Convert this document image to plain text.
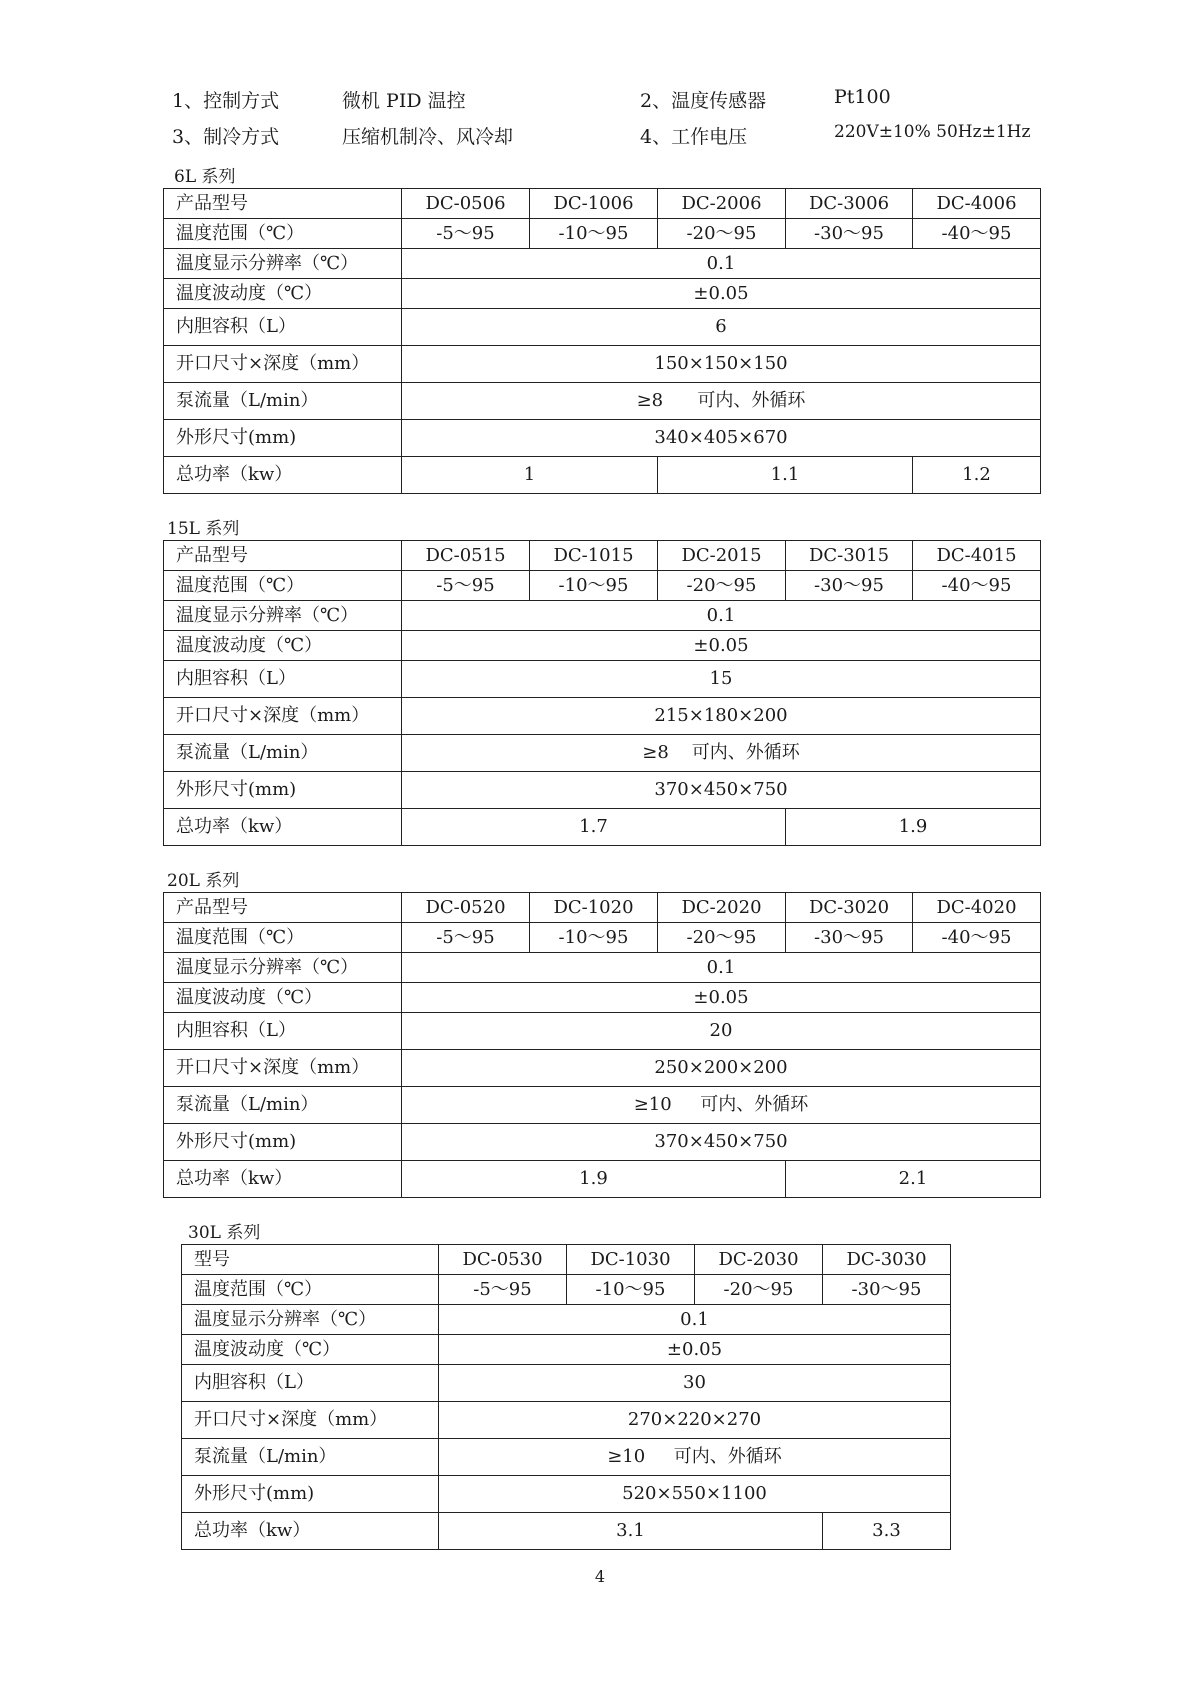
1、控制方式	微机 PID 温控	2、温度传感器	Pt100
3、制冷方式	压缩机制冷、风冷却	4、工作电压	220V±10% 50Hz±1Hz
6L 系列
产品型号	DC-0506	DC-1006	DC-2006	DC-3006	DC-4006
温度范围（℃）	-5～95	-10～95	-20～95	-30～95	-40～95
温度显示分辨率（℃）	0.1				
温度波动度（℃）	±0.05				
内胆容积（L）	6				
开口尺寸×深度（mm）	150×150×150				
泵流量（L/min）	≥8      可内、外循环				
外形尺寸(mm)	340×405×670				
总功率（kw）	1		1.1		1.2
15L 系列
产品型号	DC-0515	DC-1015	DC-2015	DC-3015	DC-4015
温度范围（℃）	-5～95	-10～95	-20～95	-30～95	-40～95
温度显示分辨率（℃）	0.1				
温度波动度（℃）	±0.05				
内胆容积（L）	15				
开口尺寸×深度（mm）	215×180×200				
泵流量（L/min）	≥8    可内、外循环				
外形尺寸(mm)	370×450×750				
总功率（kw）	1.7			1.9	
20L 系列
产品型号	DC-0520	DC-1020	DC-2020	DC-3020	DC-4020
温度范围（℃）	-5～95	-10～95	-20～95	-30～95	-40～95
温度显示分辨率（℃）	0.1				
温度波动度（℃）	±0.05				
内胆容积（L）	20				
开口尺寸×深度（mm）	250×200×200				
泵流量（L/min）	≥10     可内、外循环				
外形尺寸(mm)	370×450×750				
总功率（kw）	1.9			2.1	
30L 系列
型号	DC-0530	DC-1030	DC-2030	DC-3030
温度范围（℃）	-5～95	-10～95	-20～95	-30～95
温度显示分辨率（℃）	0.1			
温度波动度（℃）	±0.05			
内胆容积（L）	30			
开口尺寸×深度（mm）	270×220×270			
泵流量（L/min）	≥10     可内、外循环			
外形尺寸(mm)	520×550×1100			
总功率（kw）	3.1			3.3
4
